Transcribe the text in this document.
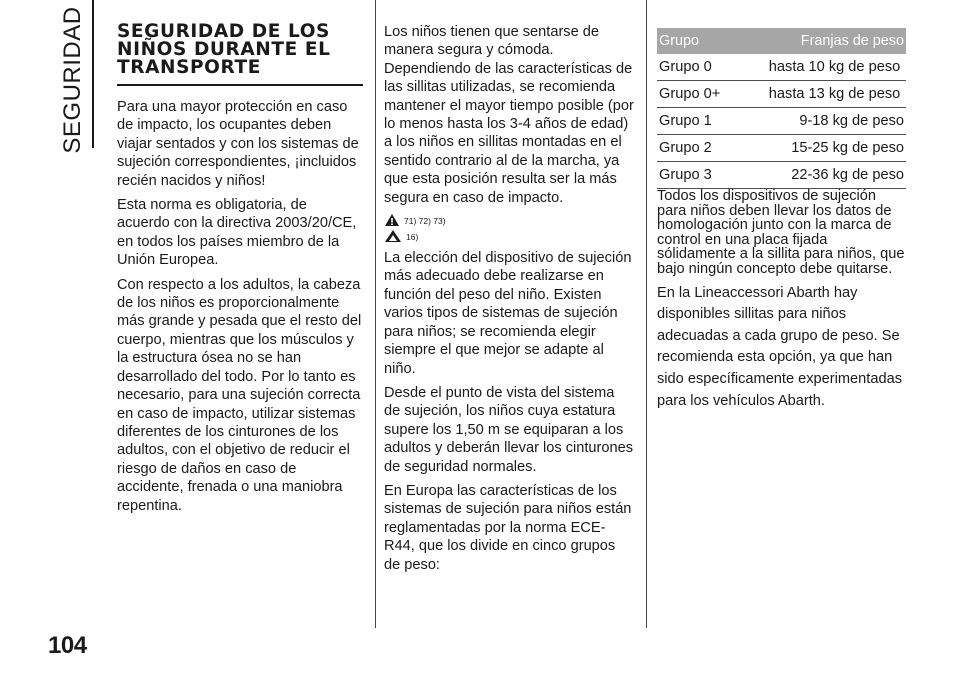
SEGURIDAD
104
SEGURIDAD DE LOS
NIÑOS DURANTE EL
TRANSPORTE

Para una mayor protección en caso de impacto, los ocupantes deben viajar sentados y con los sistemas de sujeción correspondientes, ¡incluidos recién nacidos y niños!

Esta norma es obligatoria, de acuerdo con la directiva 2003/20/CE, en todos los países miembro de la Unión Europea.

Con respecto a los adultos, la cabeza de los niños es proporcionalmente más grande y pesada que el resto del cuerpo, mientras que los músculos y la estructura ósea no se han desarrollado del todo. Por lo tanto es necesario, para una sujeción correcta en caso de impacto, utilizar sistemas diferentes de los cinturones de los adultos, con el objetivo de reducir el riesgo de daños en caso de accidente, frenada o una maniobra repentina.

Los niños tienen que sentarse de manera segura y cómoda. Dependiendo de las características de las sillitas utilizadas, se recomienda mantener el mayor tiempo posible (por lo menos hasta los 3-4 años de edad) a los niños en sillitas montadas en el sentido contrario al de la marcha, ya que esta posición resulta ser la más segura en caso de impacto.

71) 72) 73)
16)

La elección del dispositivo de sujeción más adecuado debe realizarse en función del peso del niño. Existen varios tipos de sistemas de sujeción para niños; se recomienda elegir siempre el que mejor se adapte al niño.

Desde el punto de vista del sistema de sujeción, los niños cuya estatura supere los 1,50 m se equiparan a los adultos y deberán llevar los cinturones de seguridad normales.

En Europa las características de los sistemas de sujeción para niños están reglamentadas por la norma ECE-R44, que los divide en cinco grupos de peso:

Grupo	Franjas de peso
Grupo 0	hasta 10 kg de peso
Grupo 0+	hasta 13 kg de peso
Grupo 1	9-18 kg de peso
Grupo 2	15-25 kg de peso
Grupo 3	22-36 kg de peso

Todos los dispositivos de sujeción para niños deben llevar los datos de homologación junto con la marca de control en una placa fijada sólidamente a la sillita para niños, que bajo ningún concepto debe quitarse.

En la Lineaccessori Abarth hay disponibles sillitas para niños adecuadas a cada grupo de peso. Se recomienda esta opción, ya que han sido específicamente experimentadas para los vehículos Abarth.
